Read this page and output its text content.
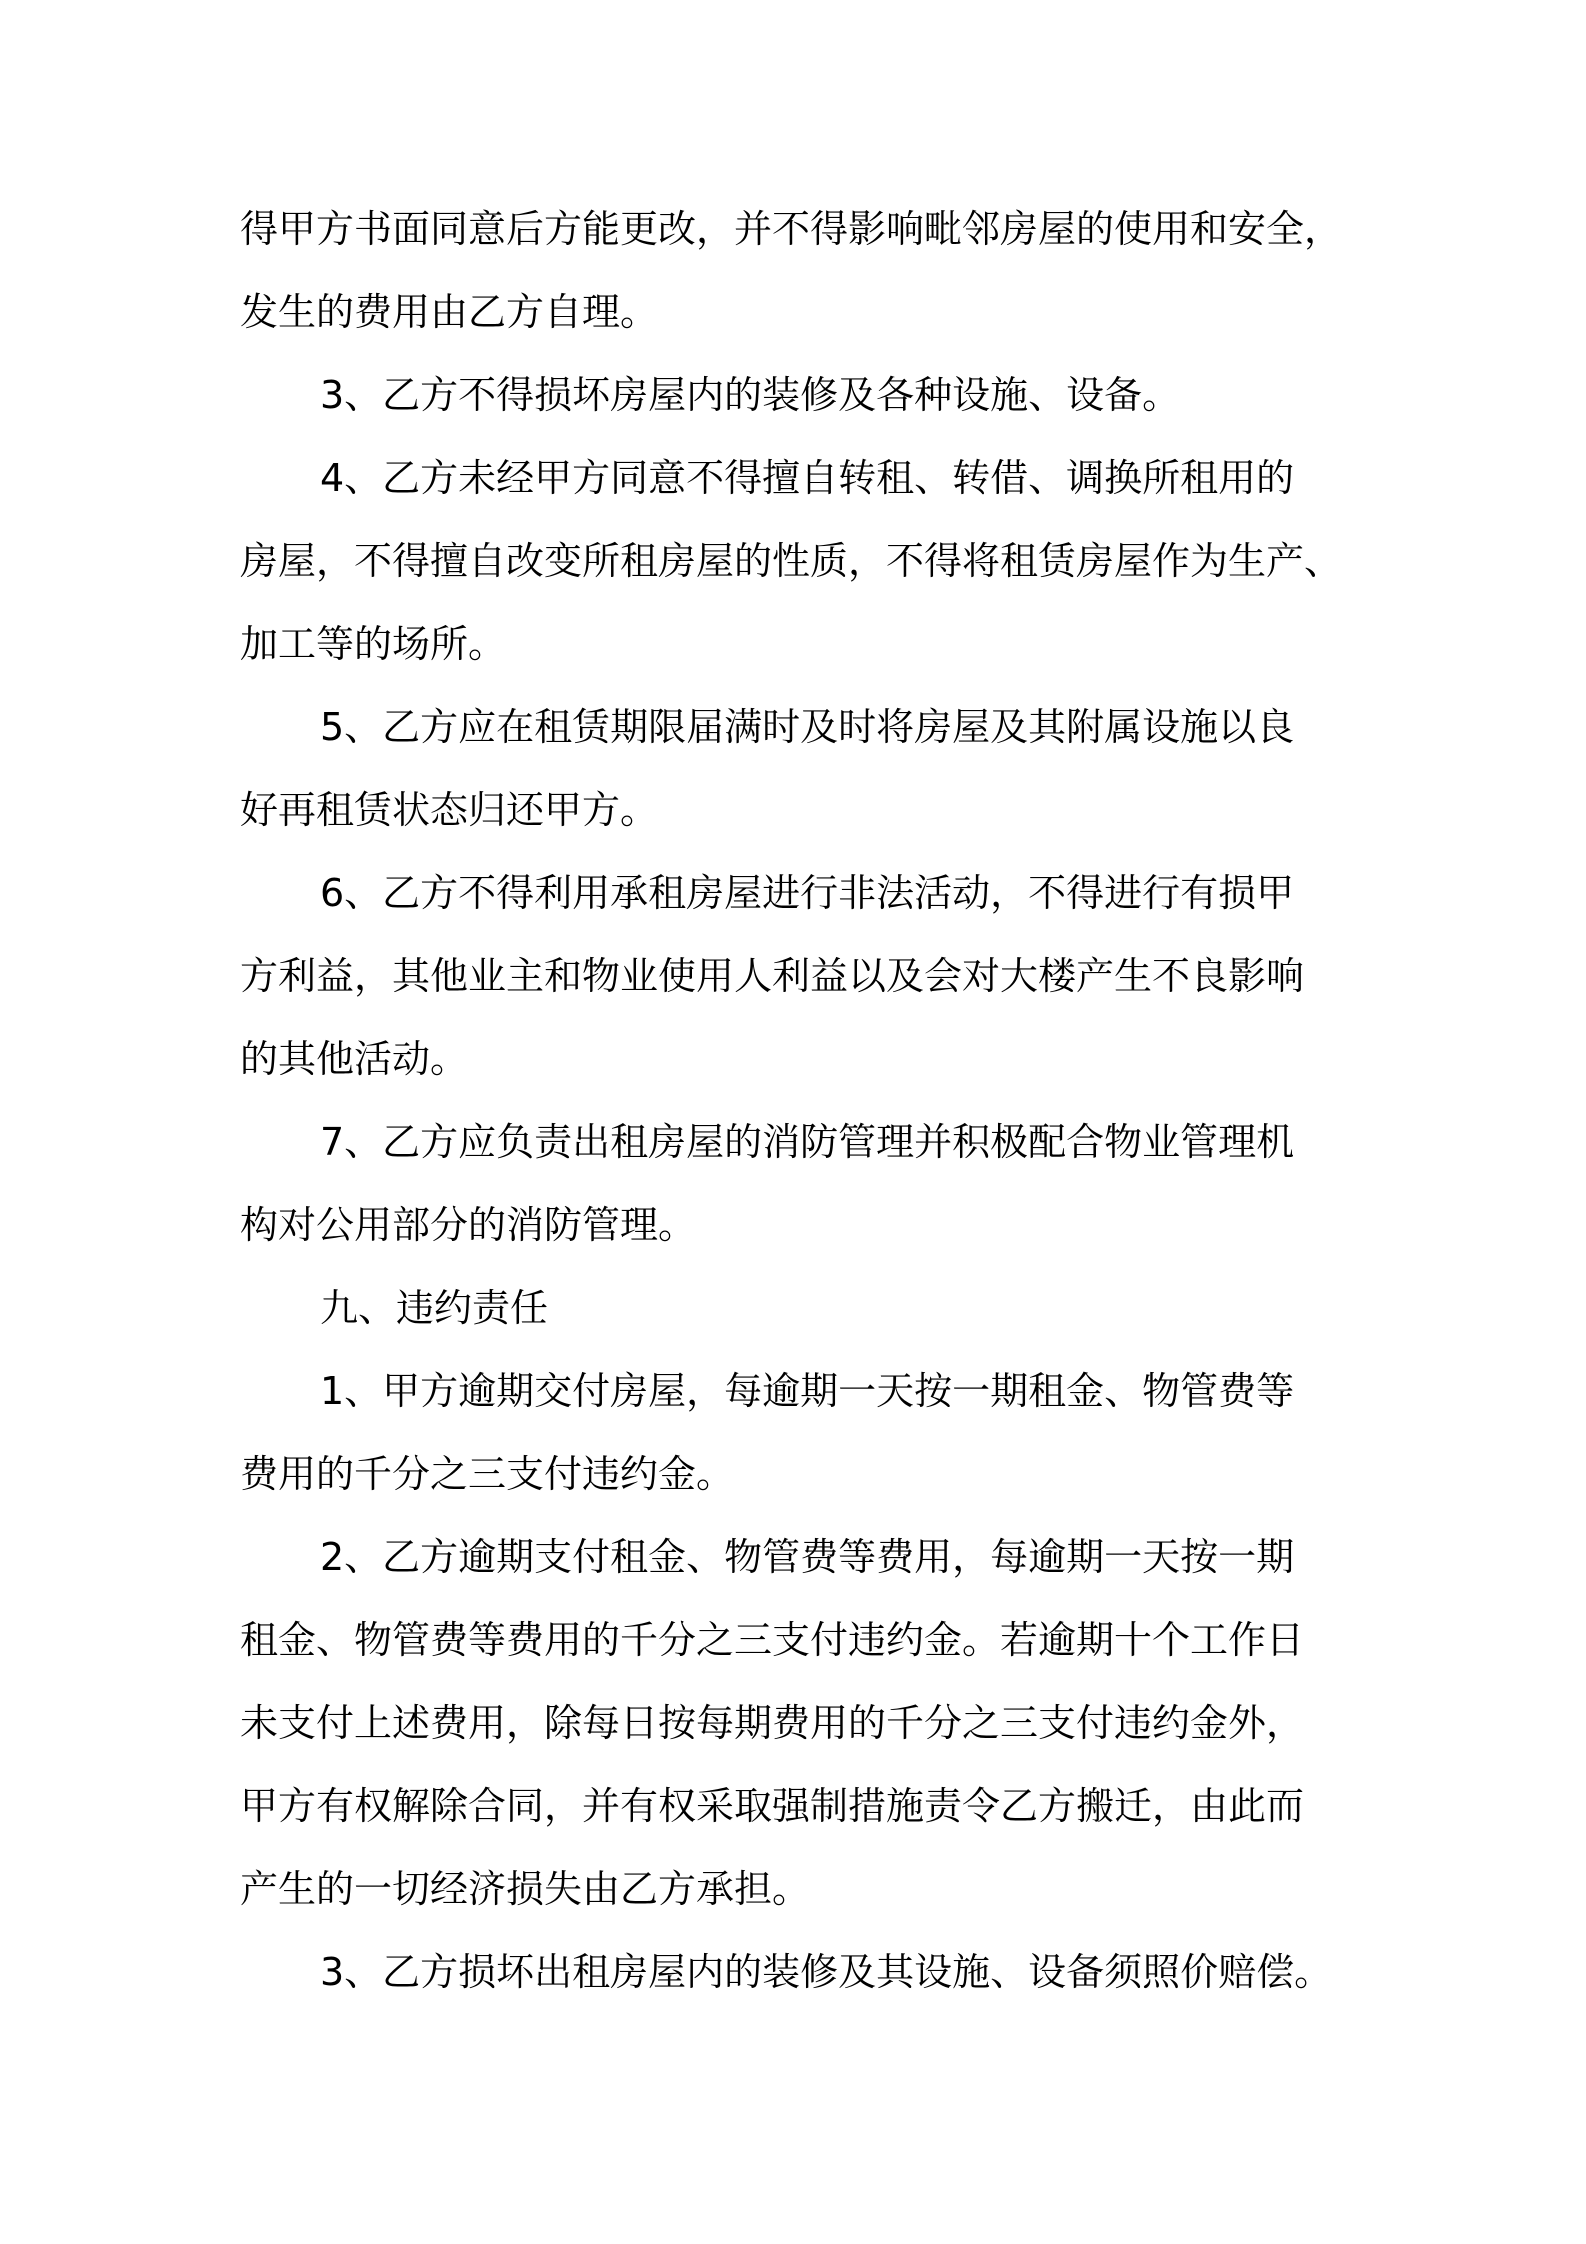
得甲方书面同意后方能更改，并不得影响毗邻房屋的使用和安全，
发生的费用由乙方自理。

3、乙方不得损坏房屋内的装修及各种设施、设备。

4、乙方未经甲方同意不得擅自转租、转借、调换所租用的
房屋，不得擅自改变所租房屋的性质，不得将租赁房屋作为生产、
加工等的场所。

5、乙方应在租赁期限届满时及时将房屋及其附属设施以良
好再租赁状态归还甲方。

6、乙方不得利用承租房屋进行非法活动，不得进行有损甲
方利益，其他业主和物业使用人利益以及会对大楼产生不良影响
的其他活动。

7、乙方应负责出租房屋的消防管理并积极配合物业管理机
构对公用部分的消防管理。

九、违约责任

1、甲方逾期交付房屋，每逾期一天按一期租金、物管费等
费用的千分之三支付违约金。

2、乙方逾期支付租金、物管费等费用，每逾期一天按一期
租金、物管费等费用的千分之三支付违约金。若逾期十个工作日
未支付上述费用，除每日按每期费用的千分之三支付违约金外，
甲方有权解除合同，并有权采取强制措施责令乙方搬迁，由此而
产生的一切经济损失由乙方承担。

3、乙方损坏出租房屋内的装修及其设施、设备须照价赔偿。
